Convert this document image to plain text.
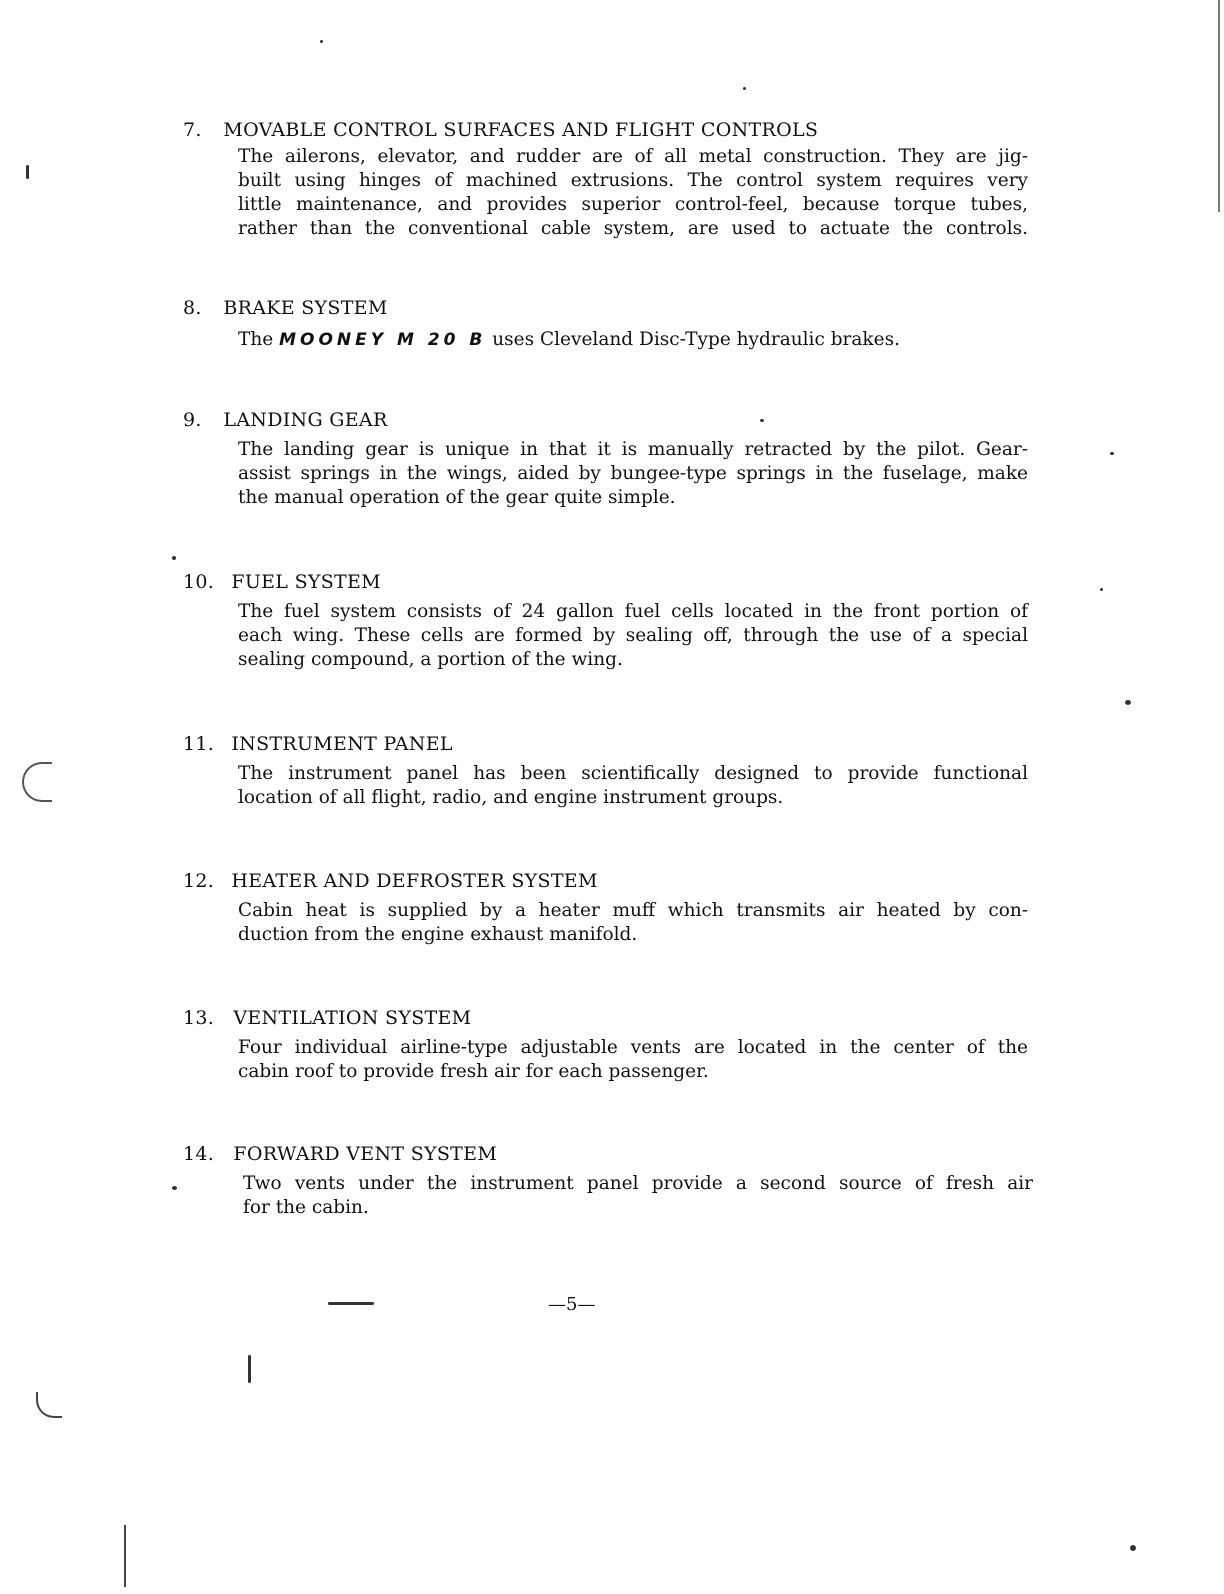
7. MOVABLE CONTROL SURFACES AND FLIGHT CONTROLS
The ailerons, elevator, and rudder are of all metal construction. They are jig-
built using hinges of machined extrusions. The control system requires very
little maintenance, and provides superior control-feel, because torque tubes,
rather than the conventional cable system, are used to actuate the controls.
8. BRAKE SYSTEM
The MOONEY M 20 B uses Cleveland Disc-Type hydraulic brakes.
9. LANDING GEAR
The landing gear is unique in that it is manually retracted by the pilot. Gear-
assist springs in the wings, aided by bungee-type springs in the fuselage, make
the manual operation of the gear quite simple.
10. FUEL SYSTEM
The fuel system consists of 24 gallon fuel cells located in the front portion of
each wing. These cells are formed by sealing off, through the use of a special
sealing compound, a portion of the wing.
11. INSTRUMENT PANEL
The instrument panel has been scientifically designed to provide functional
location of all flight, radio, and engine instrument groups.
12. HEATER AND DEFROSTER SYSTEM
Cabin heat is supplied by a heater muff which transmits air heated by con-
duction from the engine exhaust manifold.
13. VENTILATION SYSTEM
Four individual airline-type adjustable vents are located in the center of the
cabin roof to provide fresh air for each passenger.
14. FORWARD VENT SYSTEM
Two vents under the instrument panel provide a second source of fresh air
for the cabin.
—5—
